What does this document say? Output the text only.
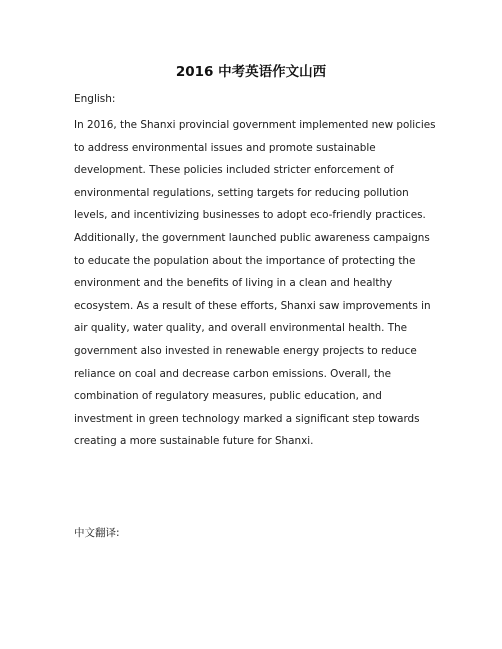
2016 中考英语作文山西
English:
In 2016, the Shanxi provincial government implemented new policies to address environmental issues and promote sustainable development. These policies included stricter enforcement of environmental regulations, setting targets for reducing pollution levels, and incentivizing businesses to adopt eco-friendly practices. Additionally, the government launched public awareness campaigns to educate the population about the importance of protecting the environment and the benefits of living in a clean and healthy ecosystem. As a result of these efforts, Shanxi saw improvements in air quality, water quality, and overall environmental health. The government also invested in renewable energy projects to reduce reliance on coal and decrease carbon emissions. Overall, the combination of regulatory measures, public education, and investment in green technology marked a significant step towards creating a more sustainable future for Shanxi.
中文翻译:
